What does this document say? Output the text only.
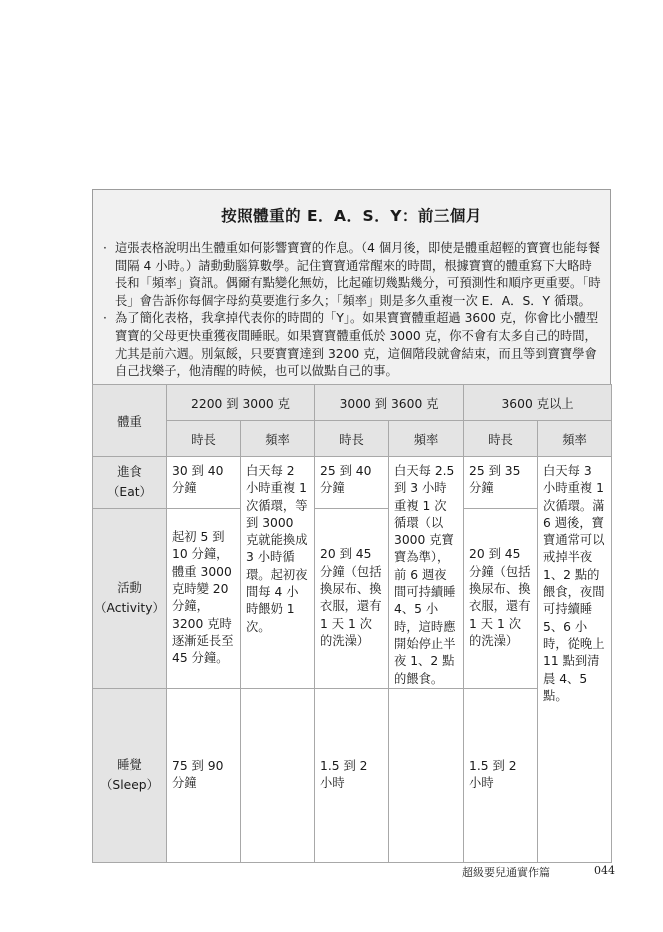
按照體重的 E．A．S．Y：前三個月
· 這張表格說明出生體重如何影響寶寶的作息。（4 個月後，即使是體重超輕的寶寶也能每餐間隔 4 小時。）請動動腦算數學。記住寶寶通常醒來的時間，根據寶寶的體重寫下大略時長和「頻率」資訊。偶爾有點變化無妨，比起確切幾點幾分，可預測性和順序更重要。「時長」會告訴你每個字母約莫要進行多久；「頻率」則是多久重複一次 E．A．S．Y 循環。
· 為了簡化表格，我拿掉代表你的時間的「Y」。如果寶寶體重超過 3600 克，你會比小體型寶寶的父母更快重獲夜間睡眠。如果寶寶體重低於 3000 克，你不會有太多自己的時間，尤其是前六週。別氣餒，只要寶寶達到 3200 克，這個階段就會結束，而且等到寶寶學會自己找樂子，他清醒的時候，也可以做點自己的事。
體重	2200 到 3000 克		3000 到 3600 克		3600 克以上	
	時長	頻率	時長	頻率	時長	頻率

進食
（Eat）	30 到 40 分鐘	白天每 2 小時重複 1 次循環，等到 3000 克就能換成 3 小時循環。起初夜間每 4 小時餵奶 1 次。	25 到 40 分鐘	白天每 2.5 到 3 小時重複 1 次循環（以 3000 克寶寶為準），前 6 週夜間可持續睡 4、5 小時，這時應開始停止半夜 1、2 點的餵食。	25 到 35 分鐘	白天每 3 小時重複 1 次循環。滿 6 週後，寶寶通常可以戒掉半夜 1、2 點的餵食，夜間可持續睡 5、6 小時，從晚上 11 點到清晨 4、5 點。

活動
（Activity）	起初 5 到 10 分鐘，體重 3000 克時變 20 分鐘，3200 克時逐漸延長至 45 分鐘。		20 到 45 分鐘（包括換尿布、換衣服，還有 1 天 1 次的洗澡）		20 到 45 分鐘（包括換尿布、換衣服，還有 1 天 1 次的洗澡）	

睡覺
（Sleep）	75 到 90 分鐘		1.5 到 2 小時		1.5 到 2 小時	
超級要兒通實作篇	044
